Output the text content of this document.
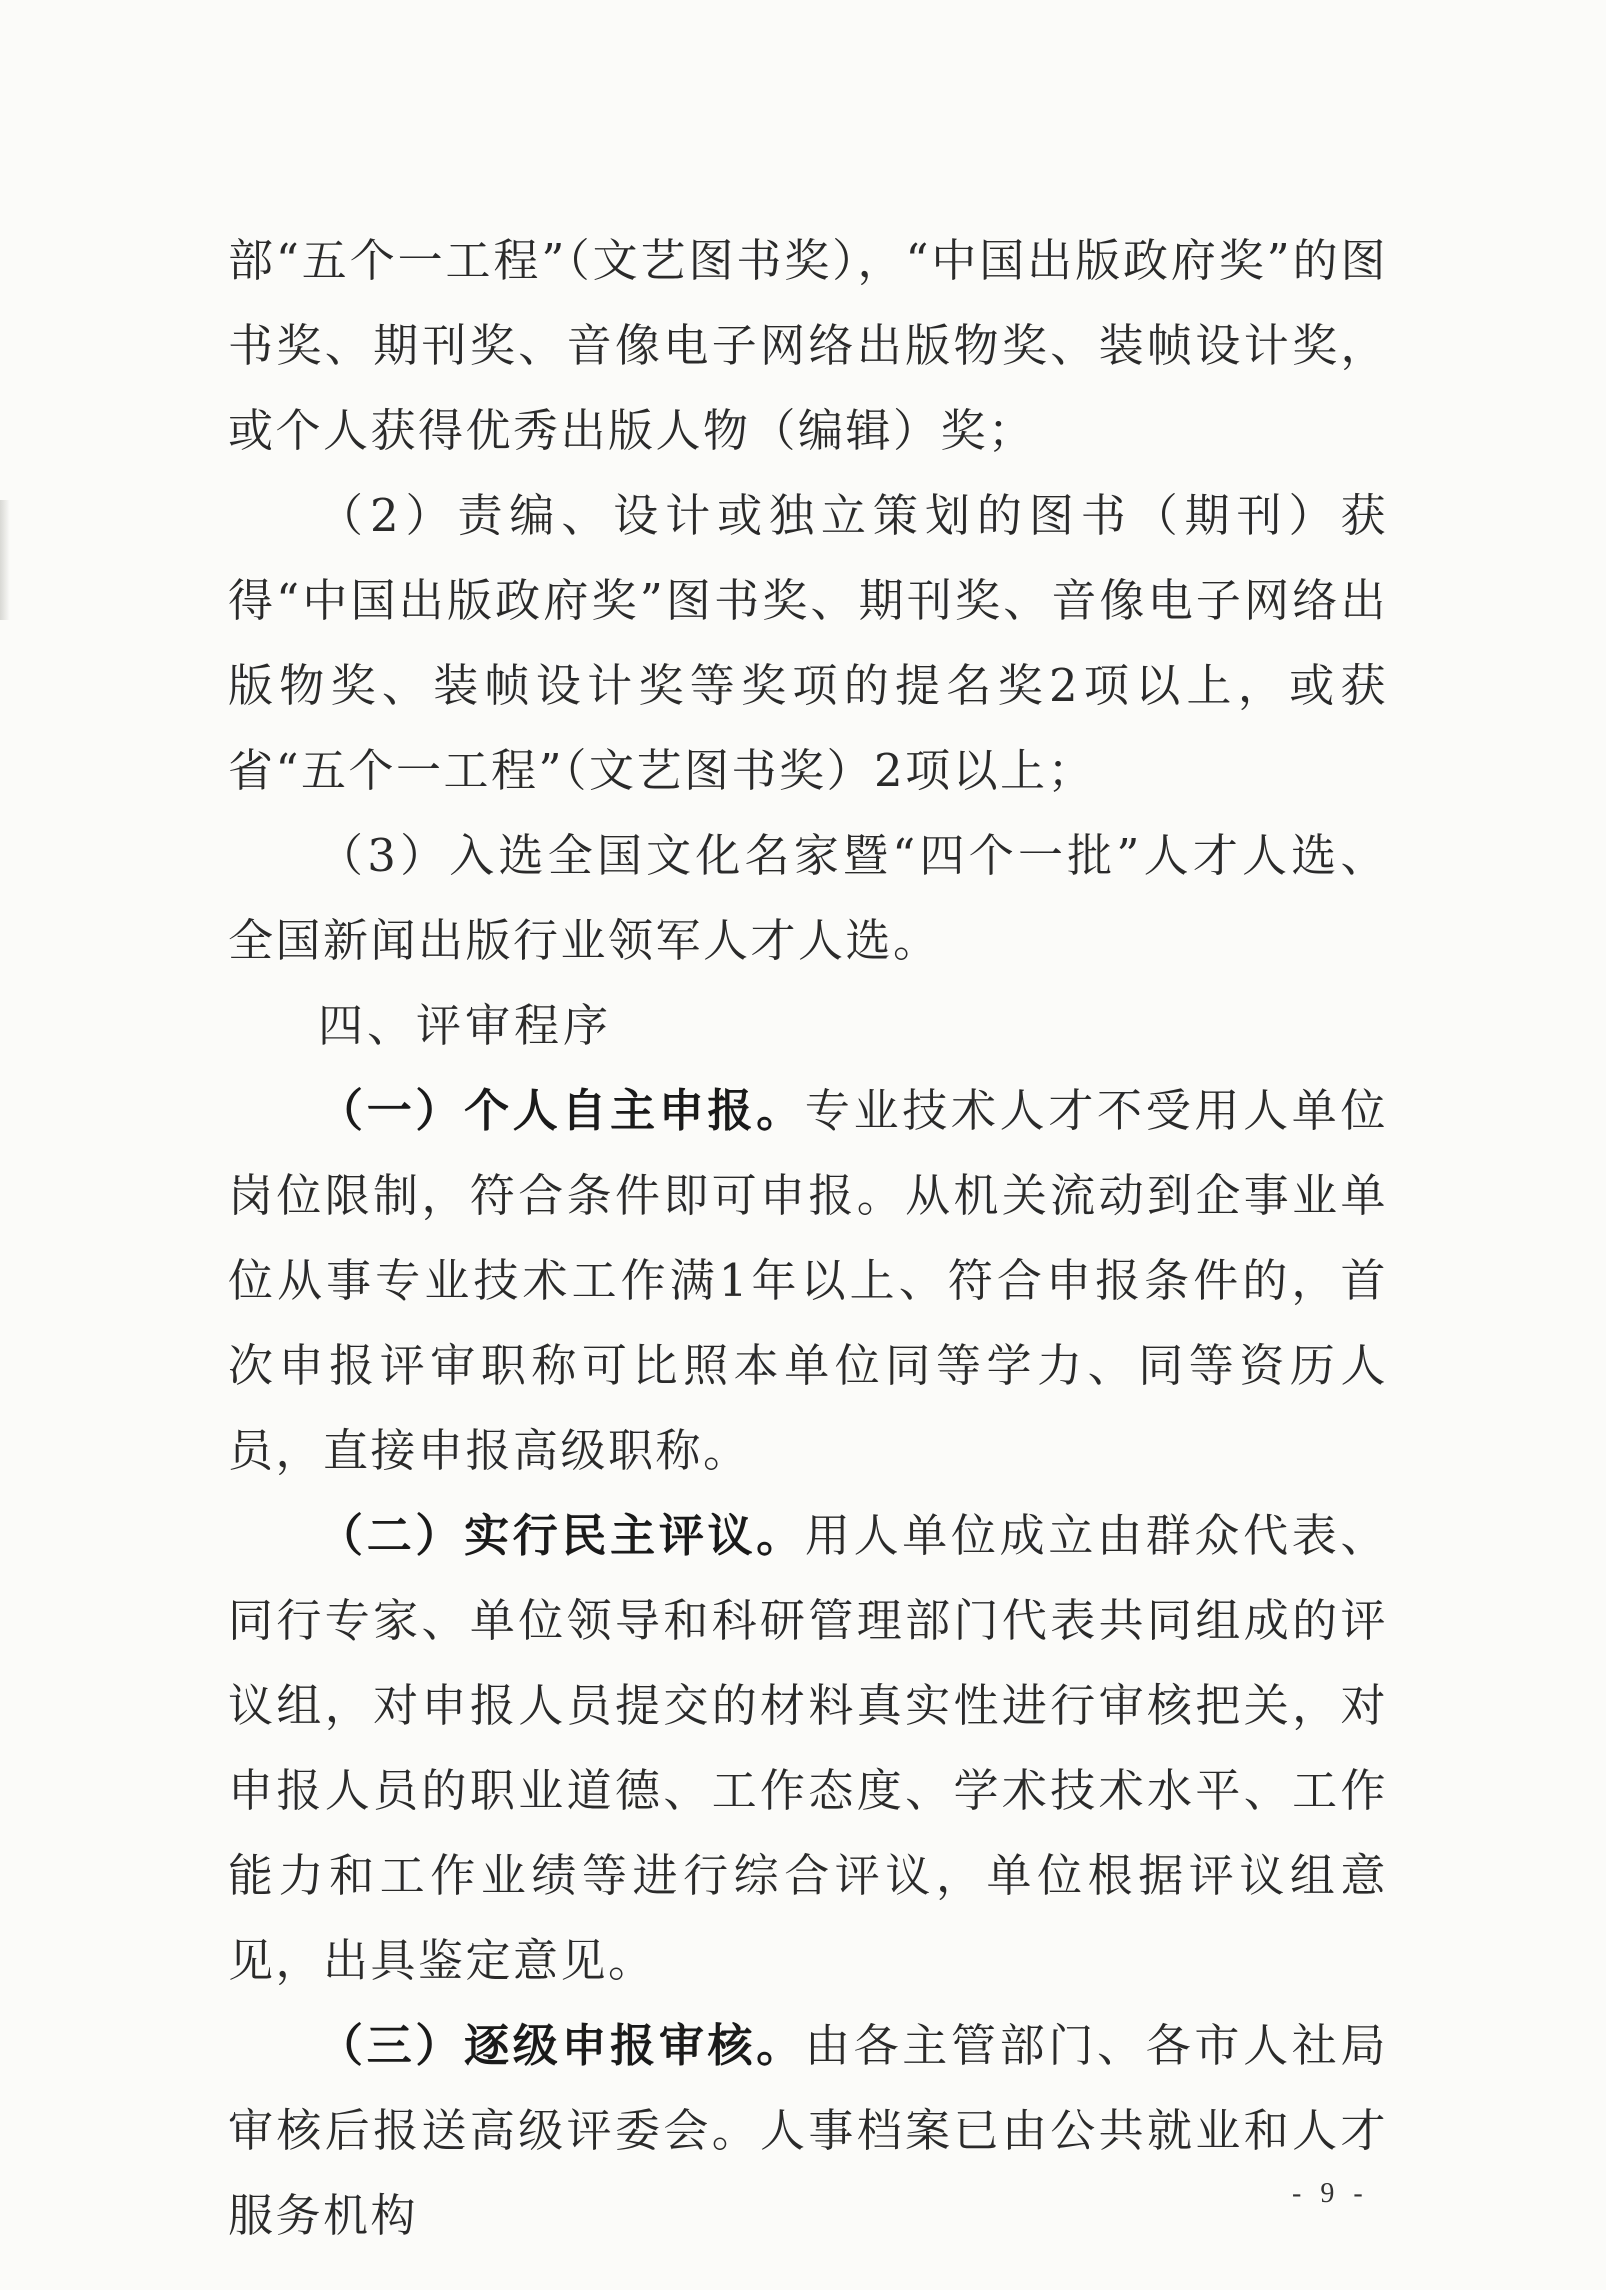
部“五个一工程”（文艺图书奖），“中国出版政府奖”的图书奖、期刊奖、音像电子网络出版物奖、装帧设计奖，或个人获得优秀出版人物（编辑）奖；

（2）责编、设计或独立策划的图书（期刊）获得“中国出版政府奖”图书奖、期刊奖、音像电子网络出版物奖、装帧设计奖等奖项的提名奖2项以上，或获省“五个一工程”（文艺图书奖）2项以上；

（3）入选全国文化名家暨“四个一批”人才人选、全国新闻出版行业领军人才人选。

四、评审程序

（一）个人自主申报。专业技术人才不受用人单位岗位限制，符合条件即可申报。从机关流动到企事业单位从事专业技术工作满1年以上、符合申报条件的，首次申报评审职称可比照本单位同等学力、同等资历人员，直接申报高级职称。

（二）实行民主评议。用人单位成立由群众代表、同行专家、单位领导和科研管理部门代表共同组成的评议组，对申报人员提交的材料真实性进行审核把关，对申报人员的职业道德、工作态度、学术技术水平、工作能力和工作业绩等进行综合评议，单位根据评议组意见，出具鉴定意见。

（三）逐级申报审核。由各主管部门、各市人社局审核后报送高级评委会。人事档案已由公共就业和人才服务机构	- 9 -
